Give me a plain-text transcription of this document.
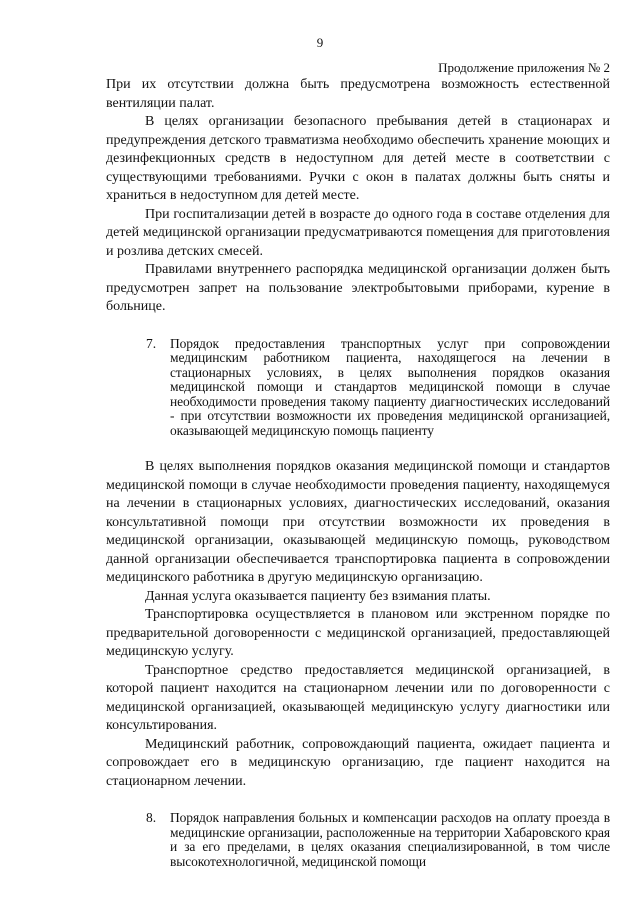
9
Продолжение приложения № 2

При их отсутствии должна быть предусмотрена возможность естественной вентиляции палат.

В целях организации безопасного пребывания детей в стационарах и предупреждения детского травматизма необходимо обеспечить хранение моющих и дезинфекционных средств в недоступном для детей месте в соответствии с существующими требованиями. Ручки с окон в палатах должны быть сняты и храниться в недоступном для детей месте.

При госпитализации детей в возрасте до одного года в составе отделения для детей медицинской организации предусматриваются помещения для приготовления и розлива детских смесей.

Правилами внутреннего распорядка медицинской организации должен быть предусмотрен запрет на пользование электробытовыми приборами, курение в больнице.

7.	Порядок предоставления транспортных услуг при сопровождении медицинским работником пациента, находящегося на лечении в стационарных условиях, в целях выполнения порядков оказания медицинской помощи и стандартов медицинской помощи в случае необходимости проведения такому пациенту диагностических исследований - при отсутствии возможности их проведения медицинской организацией, оказывающей медицинскую помощь пациенту

В целях выполнения порядков оказания медицинской помощи и стандартов медицинской помощи в случае необходимости проведения пациенту, находящемуся на лечении в стационарных условиях, диагностических исследований, оказания консультативной помощи при отсутствии возможности их проведения в медицинской организации, оказывающей медицинскую помощь, руководством данной организации обеспечивается транспортировка пациента в сопровождении медицинского работника в другую медицинскую организацию.

Данная услуга оказывается пациенту без взимания платы.

Транспортировка осуществляется в плановом или экстренном порядке по предварительной договоренности с медицинской организацией, предоставляющей медицинскую услугу.

Транспортное средство предоставляется медицинской организацией, в которой пациент находится на стационарном лечении или по договоренности с медицинской организацией, оказывающей медицинскую услугу диагностики или консультирования.

Медицинский работник, сопровождающий пациента, ожидает пациента и сопровождает его в медицинскую организацию, где пациент находится на стационарном лечении.

8.	Порядок направления больных и компенсации расходов на оплату проезда в медицинские организации, расположенные на территории Хабаровского края и за его пределами, в целях оказания специализированной, в том числе высокотехнологичной, медицинской помощи
